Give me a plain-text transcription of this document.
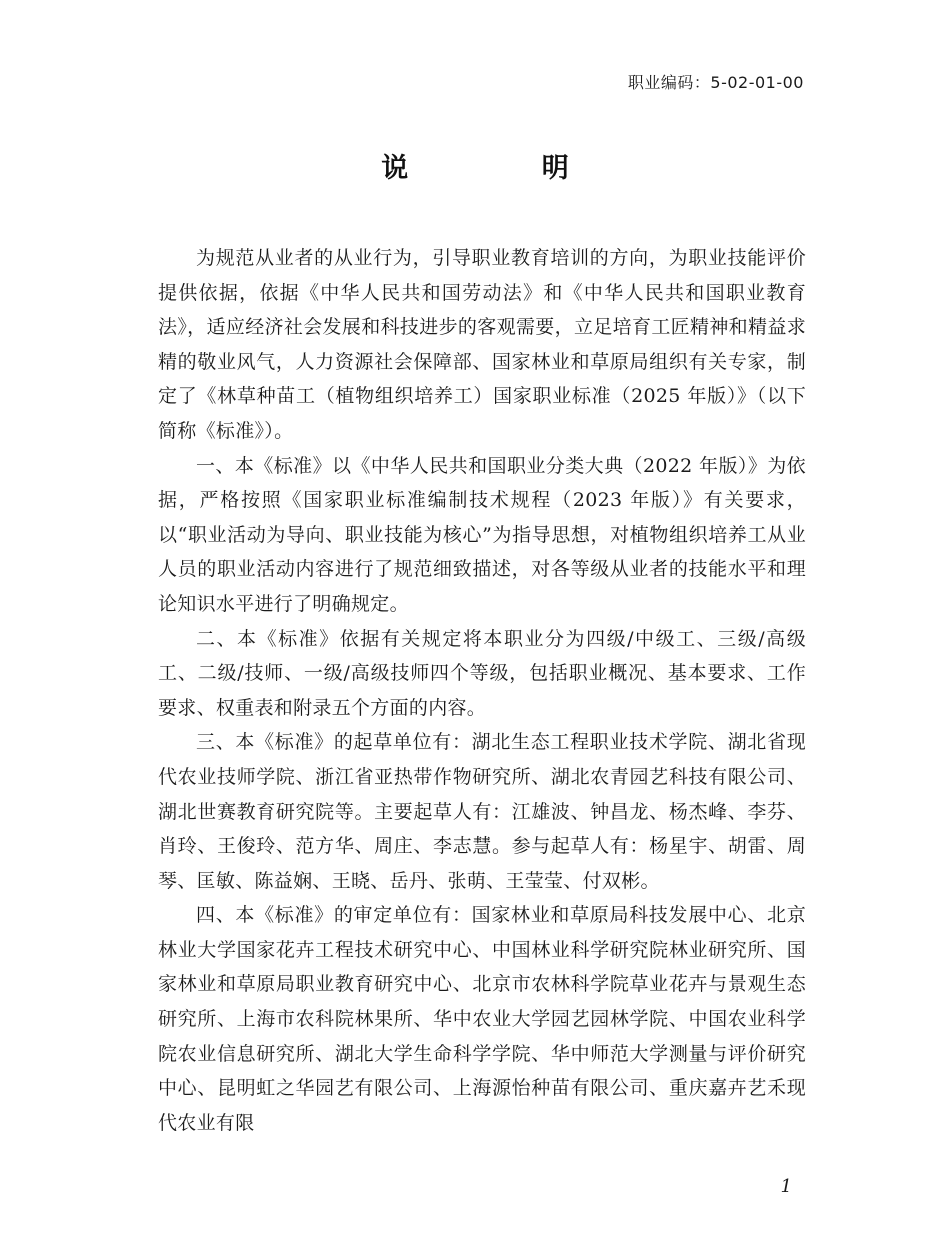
职业编码：5-02-01-00
说 明

为规范从业者的从业行为，引导职业教育培训的方向，为职业技能评价提供依据，依据《中华人民共和国劳动法》和《中华人民共和国职业教育法》，适应经济社会发展和科技进步的客观需要，立足培育工匠精神和精益求精的敬业风气，人力资源社会保障部、国家林业和草原局组织有关专家，制定了《林草种苗工（植物组织培养工）国家职业标准（2025 年版）》（以下简称《标准》）。

一、本《标准》以《中华人民共和国职业分类大典（2022 年版）》为依据，严格按照《国家职业标准编制技术规程（2023 年版）》有关要求，以“职业活动为导向、职业技能为核心”为指导思想，对植物组织培养工从业人员的职业活动内容进行了规范细致描述，对各等级从业者的技能水平和理论知识水平进行了明确规定。

二、本《标准》依据有关规定将本职业分为四级/中级工、三级/高级工、二级/技师、一级/高级技师四个等级，包括职业概况、基本要求、工作要求、权重表和附录五个方面的内容。

三、本《标准》的起草单位有：湖北生态工程职业技术学院、湖北省现代农业技师学院、浙江省亚热带作物研究所、湖北农青园艺科技有限公司、湖北世赛教育研究院等。主要起草人有：江雄波、钟昌龙、杨杰峰、李芬、肖玲、王俊玲、范方华、周庄、李志慧。参与起草人有：杨星宇、胡雷、周琴、匡敏、陈益娴、王晓、岳丹、张萌、王莹莹、付双彬。

四、本《标准》的审定单位有：国家林业和草原局科技发展中心、北京林业大学国家花卉工程技术研究中心、中国林业科学研究院林业研究所、国家林业和草原局职业教育研究中心、北京市农林科学院草业花卉与景观生态研究所、上海市农科院林果所、华中农业大学园艺园林学院、中国农业科学院农业信息研究所、湖北大学生命科学学院、华中师范大学测量与评价研究中心、昆明虹之华园艺有限公司、上海源怡种苗有限公司、重庆嘉卉艺禾现代农业有限

1
